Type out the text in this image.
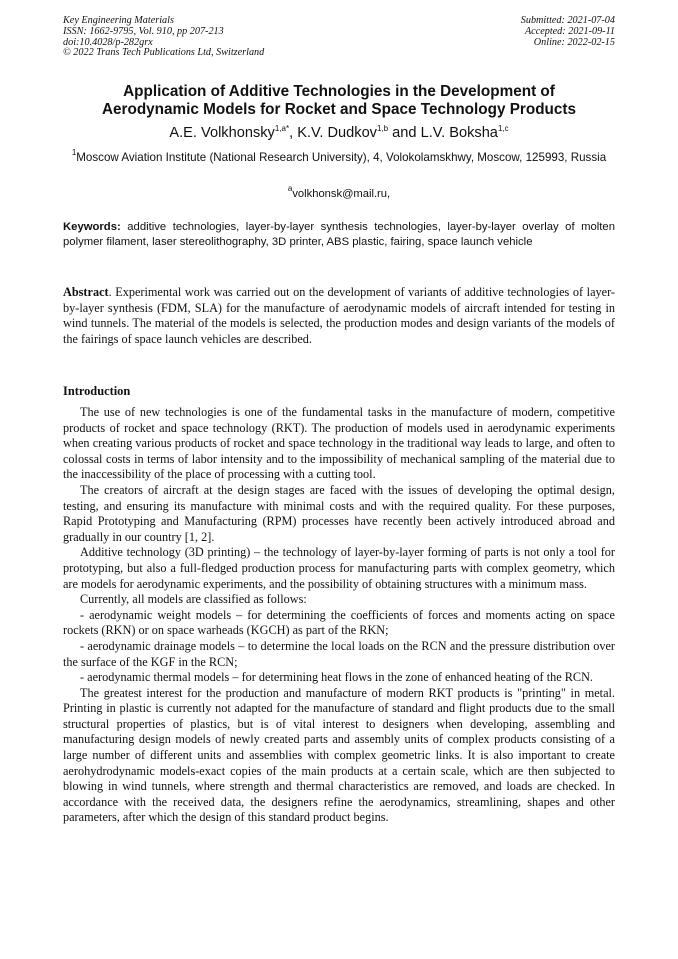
Key Engineering Materials
ISSN: 1662-9795, Vol. 910, pp 207-213
doi:10.4028/p-282grx
© 2022 Trans Tech Publications Ltd, Switzerland
Submitted: 2021-07-04
Accepted: 2021-09-11
Online: 2022-02-15
Application of Additive Technologies in the Development of
Aerodynamic Models for Rocket and Space Technology Products
A.E. Volkhonsky$^{1,a*}$, K.V. Dudkov$^{1,b}$ and L.V. Boksha$^{1,c}$
$^1$Moscow Aviation Institute (National Research University), 4, Volokolamskhwy, Moscow, 125993, Russia
$^a$volkhonsk@mail.ru,
Keywords: additive technologies, layer-by-layer synthesis technologies, layer-by-layer overlay of molten polymer filament, laser stereolithography, 3D printer, ABS plastic, fairing, space launch vehicle
Abstract. Experimental work was carried out on the development of variants of additive technologies of layer-by-layer synthesis (FDM, SLA) for the manufacture of aerodynamic models of aircraft intended for testing in wind tunnels. The material of the models is selected, the production modes and design variants of the models of the fairings of space launch vehicles are described.
Introduction

The use of new technologies is one of the fundamental tasks in the manufacture of modern, competitive products of rocket and space technology (RKT). The production of models used in aerodynamic experiments when creating various products of rocket and space technology in the traditional way leads to large, and often to colossal costs in terms of labor intensity and to the impossibility of mechanical sampling of the material due to the inaccessibility of the place of processing with a cutting tool.

The creators of aircraft at the design stages are faced with the issues of developing the optimal design, testing, and ensuring its manufacture with minimal costs and with the required quality. For these purposes, Rapid Prototyping and Manufacturing (RPM) processes have recently been actively introduced abroad and gradually in our country [1, 2].

Additive technology (3D printing) – the technology of layer-by-layer forming of parts is not only a tool for prototyping, but also a full-fledged production process for manufacturing parts with complex geometry, which are models for aerodynamic experiments, and the possibility of obtaining structures with a minimum mass.

Currently, all models are classified as follows:

- aerodynamic weight models – for determining the coefficients of forces and moments acting on space rockets (RKN) or on space warheads (KGCH) as part of the RKN;

- aerodynamic drainage models – to determine the local loads on the RCN and the pressure distribution over the surface of the KGF in the RCN;

- aerodynamic thermal models – for determining heat flows in the zone of enhanced heating of the RCN.

The greatest interest for the production and manufacture of modern RKT products is "printing" in metal. Printing in plastic is currently not adapted for the manufacture of standard and flight products due to the small structural properties of plastics, but is of vital interest to designers when developing, assembling and manufacturing design models of newly created parts and assembly units of complex products consisting of a large number of different units and assemblies with complex geometric links. It is also important to create aerohydrodynamic models-exact copies of the main products at a certain scale, which are then subjected to blowing in wind tunnels, where strength and thermal characteristics are removed, and loads are checked. In accordance with the received data, the designers refine the aerodynamics, streamlining, shapes and other parameters, after which the design of this standard product begins.
